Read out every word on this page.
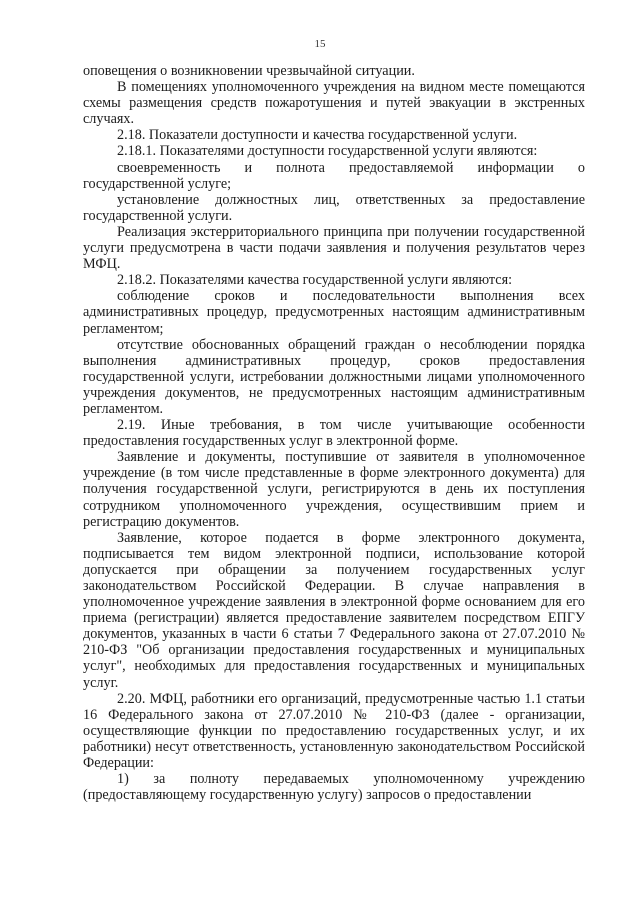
15

оповещения о возникновении чрезвычайной ситуации.

В помещениях уполномоченного учреждения на видном месте помещаются схемы размещения средств пожаротушения и путей эвакуации в экстренных случаях.

2.18. Показатели доступности и качества государственной услуги.

2.18.1. Показателями доступности государственной услуги являются:

своевременность и полнота предоставляемой информации о государственной услуге;

установление должностных лиц, ответственных за предоставление государственной услуги.

Реализация экстерриториального принципа при получении государственной услуги предусмотрена в части подачи заявления и получения результатов через МФЦ.

2.18.2. Показателями качества государственной услуги являются:

соблюдение сроков и последовательности выполнения всех административных процедур, предусмотренных настоящим административным регламентом;

отсутствие обоснованных обращений граждан о несоблюдении порядка выполнения административных процедур, сроков предоставления государственной услуги, истребовании должностными лицами уполномоченного учреждения документов, не предусмотренных настоящим административным регламентом.

2.19. Иные требования, в том числе учитывающие особенности предоставления государственных услуг в электронной форме.

Заявление и документы, поступившие от заявителя в уполномоченное учреждение (в том числе представленные в форме электронного документа) для получения государственной услуги, регистрируются в день их поступления сотрудником уполномоченного учреждения, осуществившим прием и регистрацию документов.

Заявление, которое подается в форме электронного документа, подписывается тем видом электронной подписи, использование которой допускается при обращении за получением государственных услуг законодательством Российской Федерации. В случае направления в уполномоченное учреждение заявления в электронной форме основанием для его приема (регистрации) является предоставление заявителем посредством ЕПГУ документов, указанных в части 6 статьи 7 Федерального закона от 27.07.2010 № 210-ФЗ "Об организации предоставления государственных и муниципальных услуг", необходимых для предоставления государственных и муниципальных услуг.

2.20. МФЦ, работники его организаций, предусмотренные частью 1.1 статьи 16 Федерального закона от 27.07.2010 № 210-ФЗ (далее - организации, осуществляющие функции по предоставлению государственных услуг, и их работники) несут ответственность, установленную законодательством Российской Федерации:

1) за полноту передаваемых уполномоченному учреждению (предоставляющему государственную услугу) запросов о предоставлении
